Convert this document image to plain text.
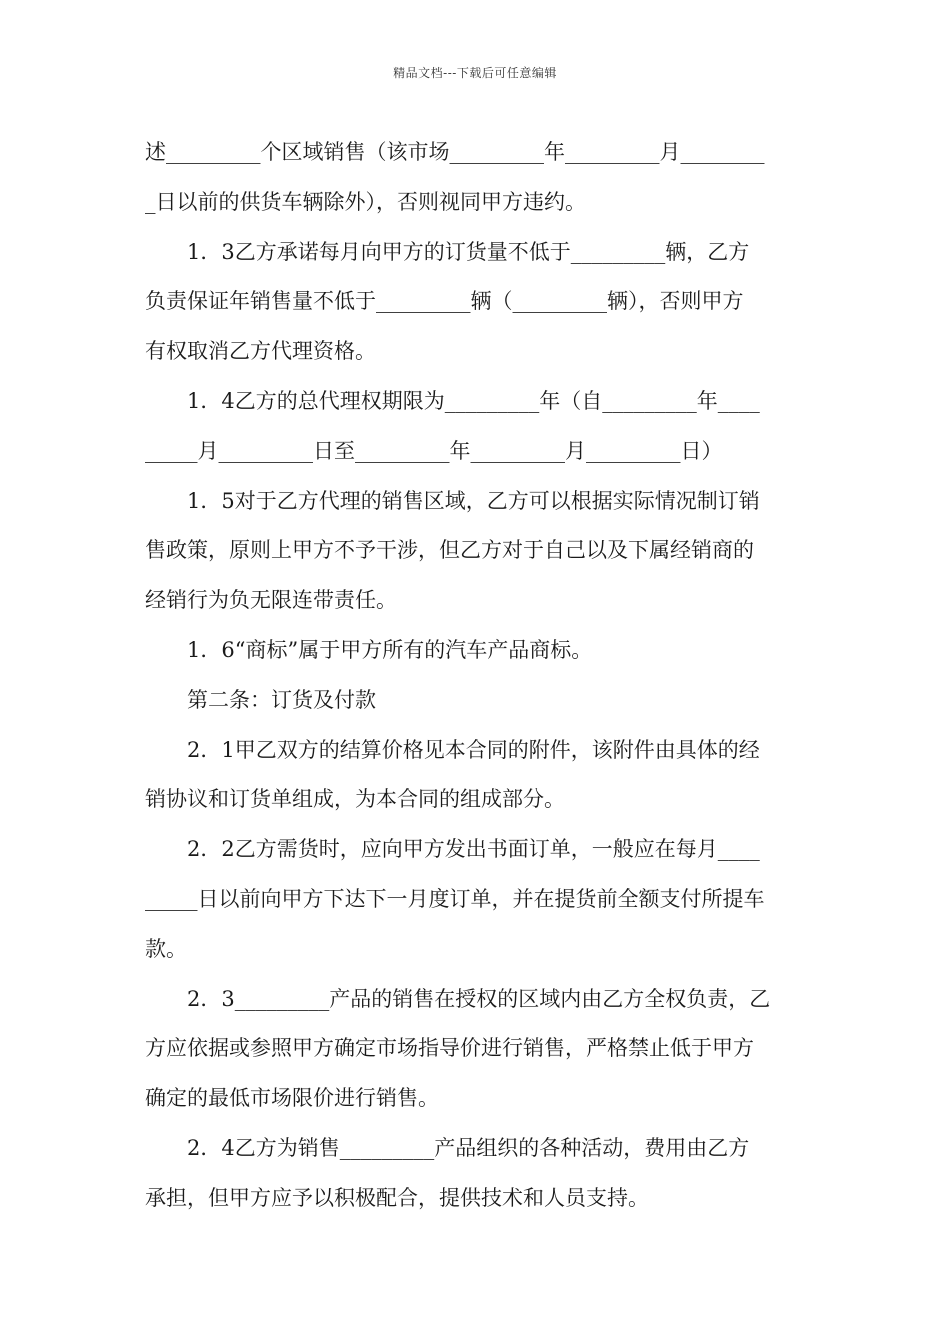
精品文档---下载后可任意编辑
述_________个区域销售（该市场_________年_________月________
_日以前的供货车辆除外），否则视同甲方违约。
1．3乙方承诺每月向甲方的订货量不低于_________辆，乙方
负责保证年销售量不低于_________辆（_________辆），否则甲方
有权取消乙方代理资格。
1．4乙方的总代理权期限为_________年（自_________年____
_____月_________日至_________年_________月_________日）
1．5对于乙方代理的销售区域，乙方可以根据实际情况制订销
售政策，原则上甲方不予干涉，但乙方对于自己以及下属经销商的
经销行为负无限连带责任。
1．6“商标”属于甲方所有的汽车产品商标。
第二条：订货及付款
2．1甲乙双方的结算价格见本合同的附件，该附件由具体的经
销协议和订货单组成，为本合同的组成部分。
2．2乙方需货时，应向甲方发出书面订单，一般应在每月____
_____日以前向甲方下达下一月度订单，并在提货前全额支付所提车
款。
2．3_________产品的销售在授权的区域内由乙方全权负责，乙
方应依据或参照甲方确定市场指导价进行销售，严格禁止低于甲方
确定的最低市场限价进行销售。
2．4乙方为销售_________产品组织的各种活动，费用由乙方
承担，但甲方应予以积极配合，提供技术和人员支持。
